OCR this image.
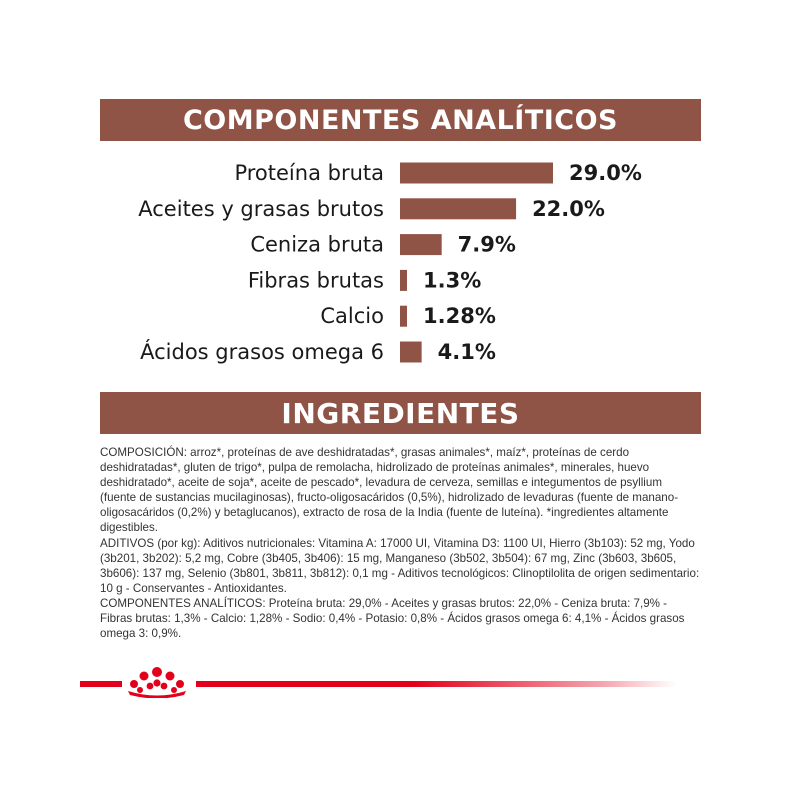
COMPONENTES ANALÍTICOS
Proteína bruta	29.0%
Aceites y grasas brutos	22.0%
Ceniza bruta	7.9%
Fibras brutas 1.3%
Calcio 1.28%
Ácidos grasos omega 6	4.1%
INGREDIENTES

COMPOSICIÓN: arroz*, proteínas de ave deshidratadas*, grasas animales*, maíz*, proteínas de cerdo deshidratadas*, gluten de trigo*, pulpa de remolacha, hidrolizado de proteínas animales*, minerales, huevo deshidratado*, aceite de soja*, aceite de pescado*, levadura de cerveza, semillas e integumentos de psyllium (fuente de sustancias mucilaginosas), fructo-oligosacáridos (0,5%), hidrolizado de levaduras (fuente de manano-oligosacáridos (0,2%) y betaglucanos), extracto de rosa de la India (fuente de luteína). *ingredientes altamente digestibles.

ADITIVOS (por kg): Aditivos nutricionales: Vitamina A: 17000 UI, Vitamina D3: 1100 UI, Hierro (3b103): 52 mg, Yodo (3b201, 3b202): 5,2 mg, Cobre (3b405, 3b406): 15 mg, Manganeso (3b502, 3b504): 67 mg, Zinc (3b603, 3b605, 3b606): 137 mg, Selenio (3b801, 3b811, 3b812): 0,1 mg - Aditivos tecnológicos: Clinoptilolita de origen sedimentario: 10 g - Conservantes - Antioxidantes.

COMPONENTES ANALÍTICOS: Proteína bruta: 29,0% - Aceites y grasas brutos: 22,0% - Ceniza bruta: 7,9% - Fibras brutas: 1,3% - Calcio: 1,28% - Sodio: 0,4% - Potasio: 0,8% - Ácidos grasos omega 6: 4,1% - Ácidos grasos omega 3: 0,9%.
